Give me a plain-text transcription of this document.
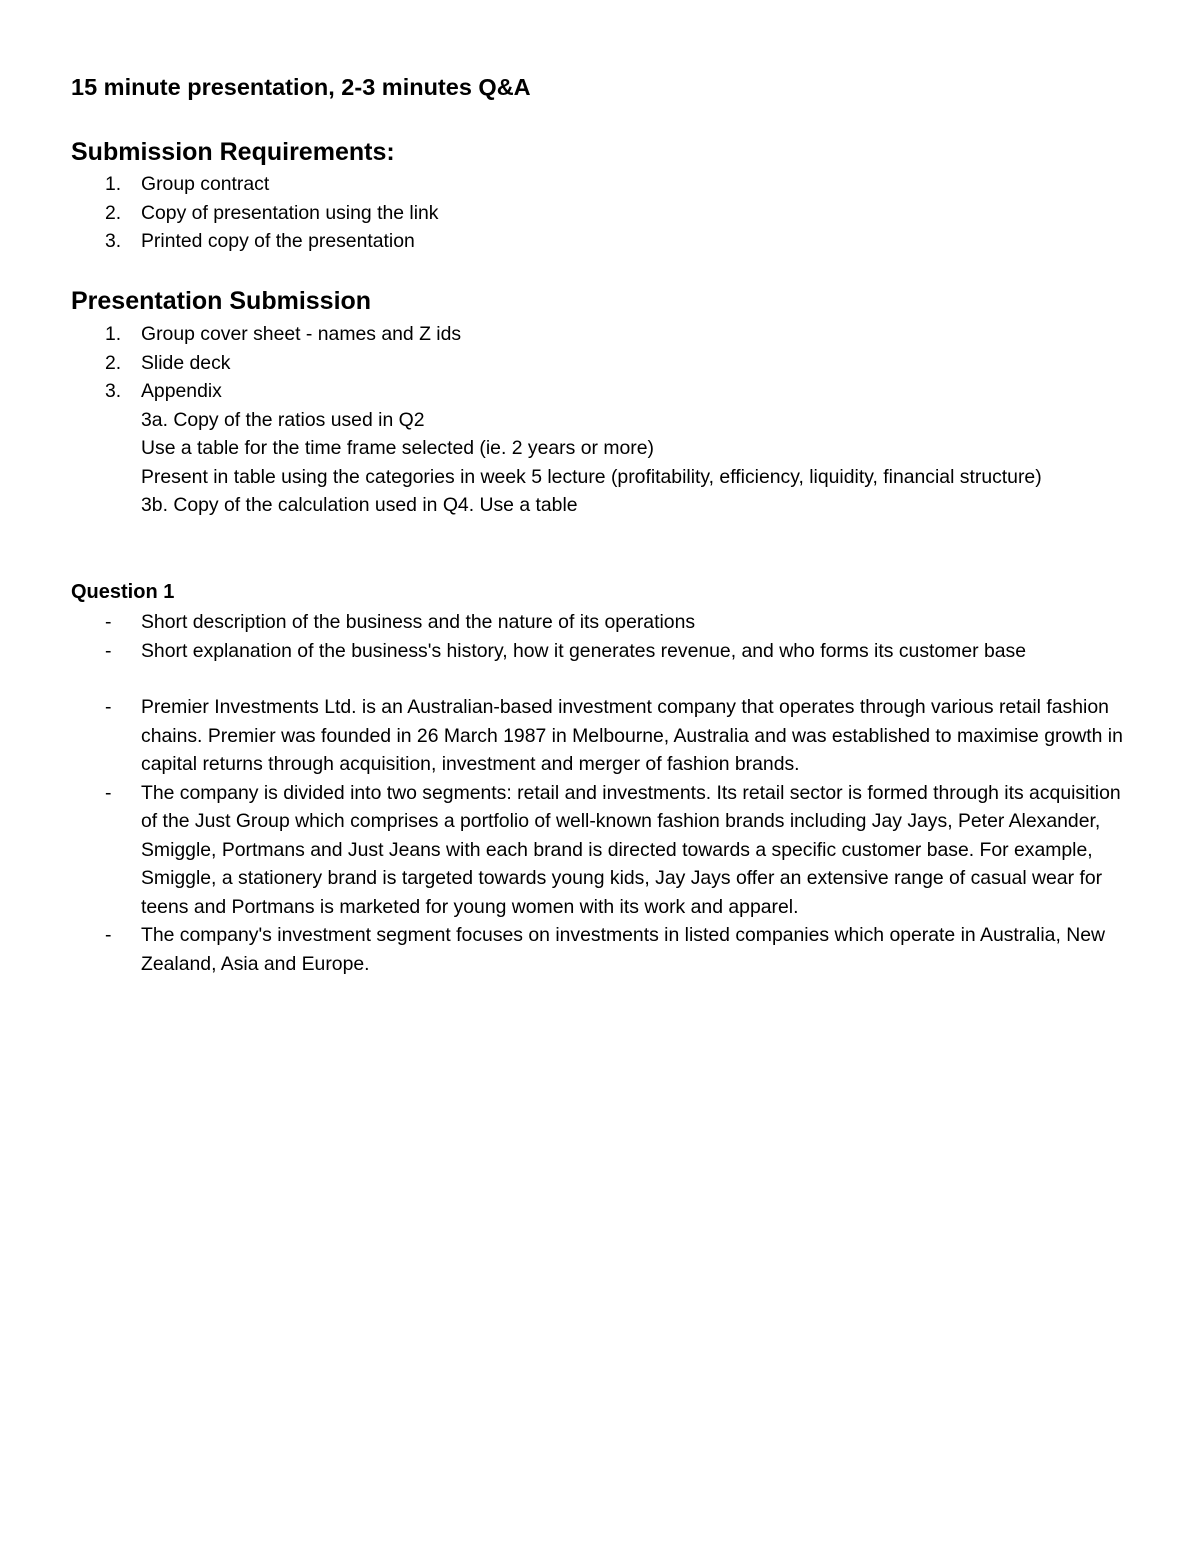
15 minute presentation, 2-3 minutes Q&A
Submission Requirements:
1.	Group contract
2.	Copy of presentation using the link
3.	Printed copy of the presentation
Presentation Submission
1.	Group cover sheet - names and Z ids
2.	Slide deck
3.	Appendix
3a. Copy of the ratios used in Q2
Use a table for the time frame selected (ie. 2 years or more)
Present in table using the categories in week 5 lecture (profitability, efficiency, liquidity, financial structure)
3b. Copy of the calculation used in Q4. Use a table
Question 1
-	Short description of the business and the nature of its operations
-	Short explanation of the business's history, how it generates revenue, and who forms its customer base
-	Premier Investments Ltd. is an Australian-based investment company that operates through various retail fashion chains. Premier was founded in 26 March 1987 in Melbourne, Australia and was established to maximise growth in capital returns through acquisition, investment and merger of fashion brands.
-	The company is divided into two segments: retail and investments. Its retail sector is formed through its acquisition of the Just Group which comprises a portfolio of well-known fashion brands including Jay Jays, Peter Alexander, Smiggle, Portmans and Just Jeans with each brand is directed towards a specific customer base. For example, Smiggle, a stationery brand is targeted towards young kids, Jay Jays offer an extensive range of casual wear for teens and Portmans is marketed for young women with its work and apparel.
-	The company's investment segment focuses on investments in listed companies which operate in Australia, New Zealand, Asia and Europe.
